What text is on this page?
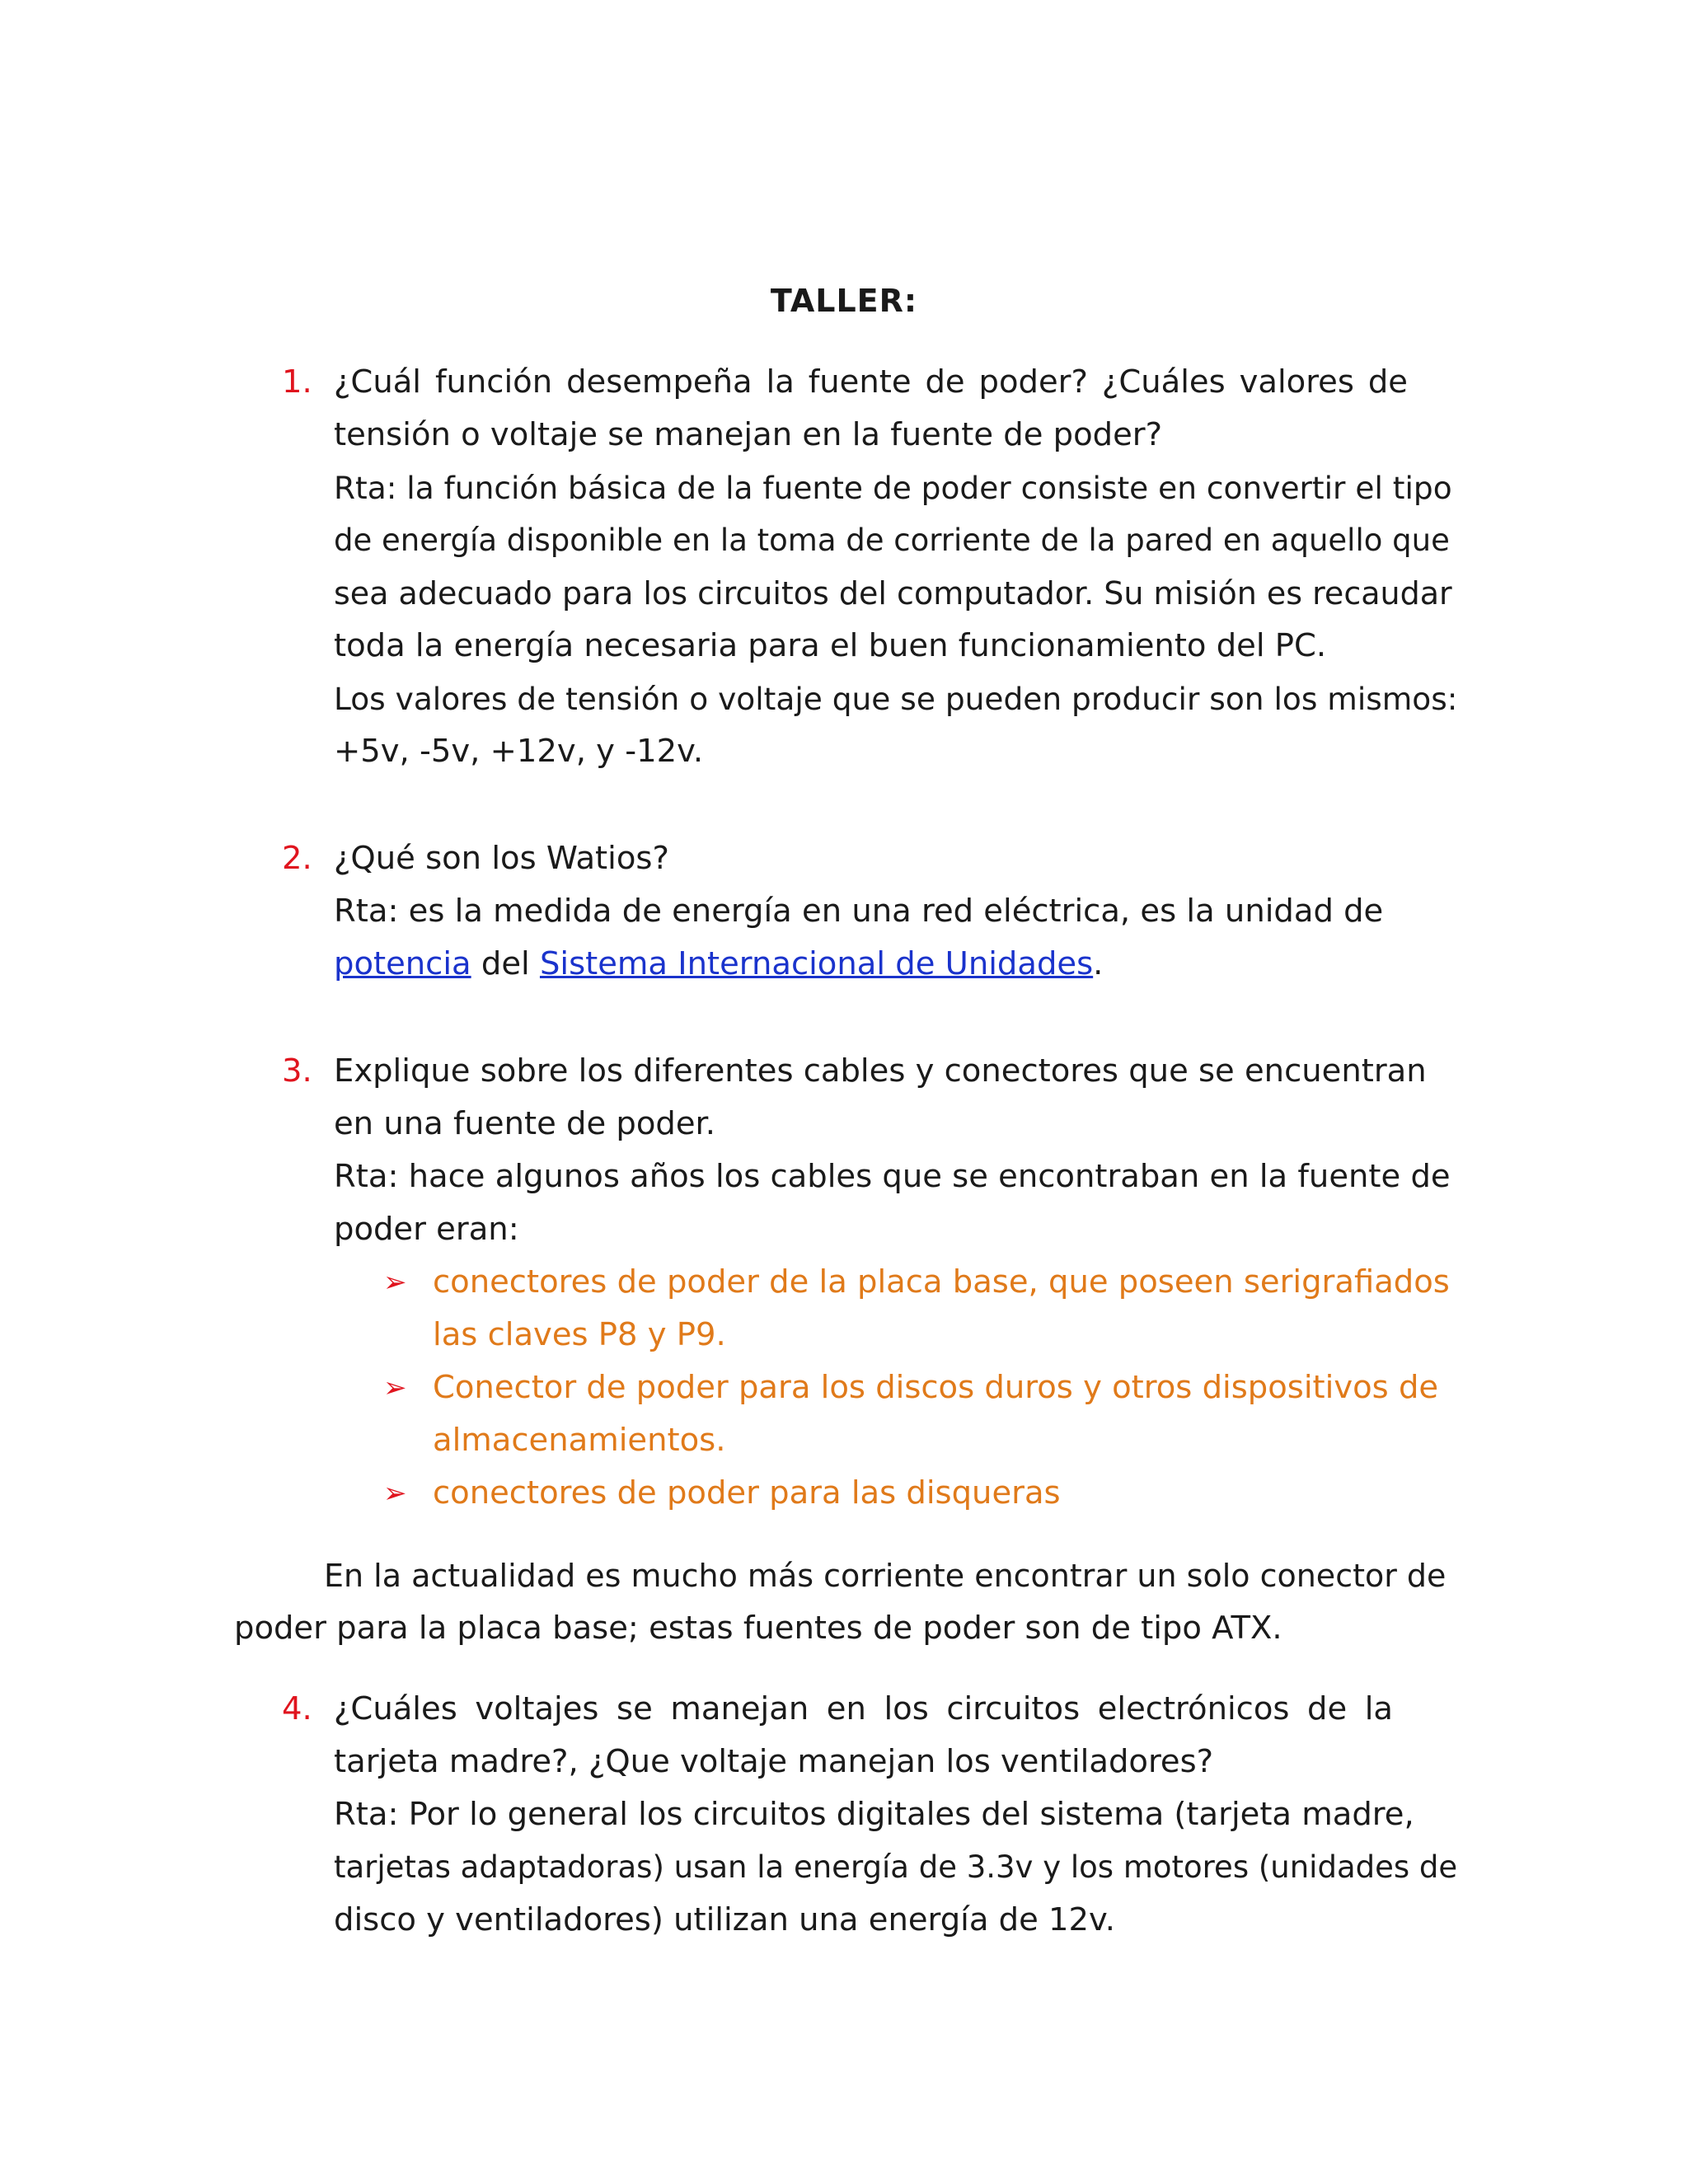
TALLER:
1. ¿Cuál función desempeña la fuente de poder? ¿Cuáles valores de
tensión o voltaje se manejan en la fuente de poder?
Rta: la función básica de la fuente de poder consiste en convertir el tipo
de energía disponible en la toma de corriente de la pared en aquello que
sea adecuado para los circuitos del computador. Su misión es recaudar
toda la energía necesaria para el buen funcionamiento del PC.
Los valores de tensión o voltaje que se pueden producir son los mismos:
+5v, -5v, +12v, y -12v.
2. ¿Qué son los Watios?
Rta: es la medida de energía en una red eléctrica, es la unidad de
potencia del Sistema Internacional de Unidades.
3. Explique sobre los diferentes cables y conectores que se encuentran
en una fuente de poder.
Rta: hace algunos años los cables que se encontraban en la fuente de
poder eran:
➢ conectores de poder de la placa base, que poseen serigrafiados
las claves P8 y P9.
➢ Conector de poder para los discos duros y otros dispositivos de
almacenamientos.
➢ conectores de poder para las disqueras
En la actualidad es mucho más corriente encontrar un solo conector de
poder para la placa base; estas fuentes de poder son de tipo ATX.
4. ¿Cuáles voltajes se manejan en los circuitos electrónicos de la
tarjeta madre?, ¿Que voltaje manejan los ventiladores?
Rta: Por lo general los circuitos digitales del sistema (tarjeta madre,
tarjetas adaptadoras) usan la energía de 3.3v y los motores (unidades de
disco y ventiladores) utilizan una energía de 12v.
